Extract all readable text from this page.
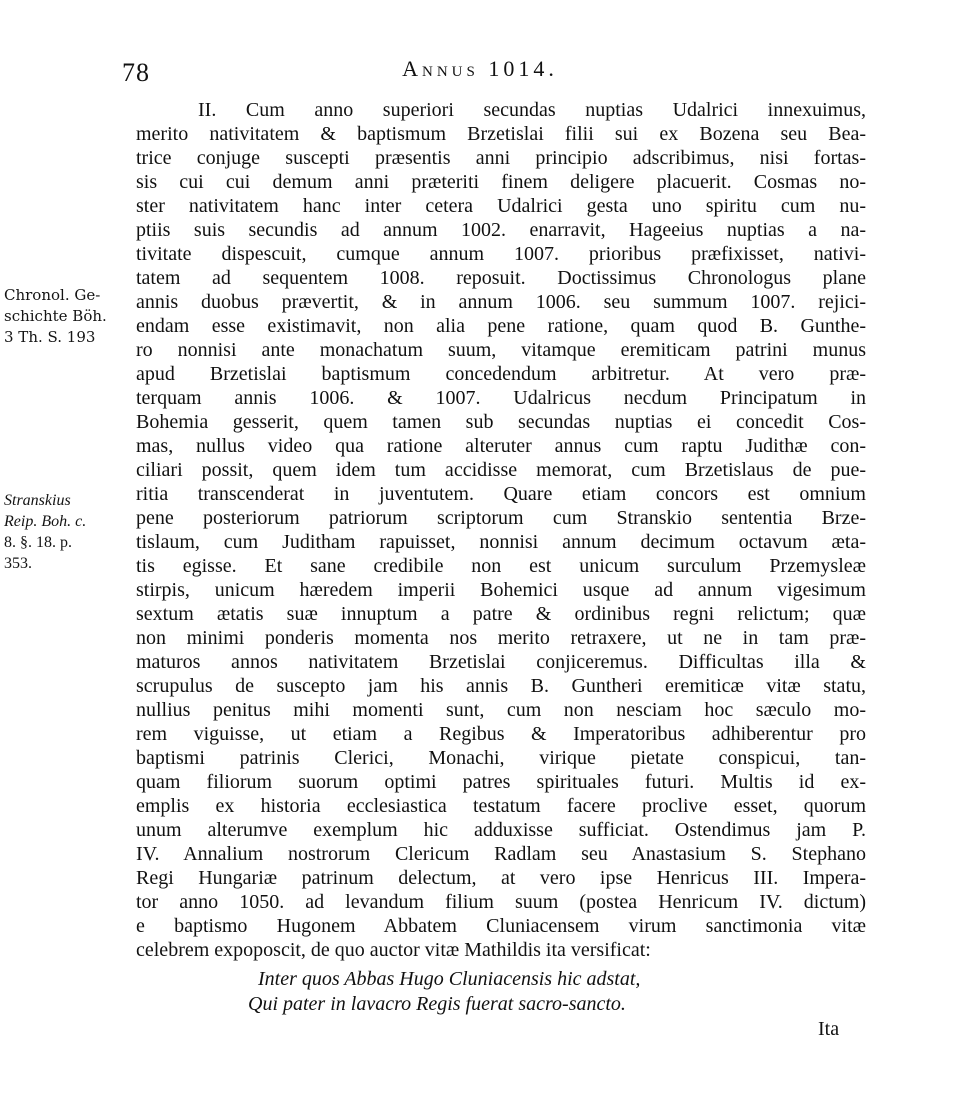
78	Annus 1014.
Chronol. Ge-
schichte Böh.
3 Th. S. 193
Stranskius
Reip. Boh. c.
8. §. 18. p.
353.
II. Cum anno superiori secundas nuptias Udalrici innexuimus,
merito nativitatem & baptismum Brzetislai filii sui ex Bozena seu Bea-
trice conjuge suscepti præsentis anni principio adscribimus, nisi fortas-
sis cui cui demum anni præteriti finem deligere placuerit. Cosmas no-
ster nativitatem hanc inter cetera Udalrici gesta uno spiritu cum nu-
ptiis suis secundis ad annum 1002. enarravit, Hageeius nuptias a na-
tivitate dispescuit, cumque annum 1007. prioribus præfixisset, nativi-
tatem ad sequentem 1008. reposuit. Doctissimus Chronologus plane
annis duobus prævertit, & in annum 1006. seu summum 1007. rejici-
endam esse existimavit, non alia pene ratione, quam quod B. Gunthe-
ro nonnisi ante monachatum suum, vitamque eremiticam patrini munus
apud Brzetislai baptismum concedendum arbitretur. At vero præ-
terquam annis 1006. & 1007. Udalricus necdum Principatum in
Bohemia gesserit, quem tamen sub secundas nuptias ei concedit Cos-
mas, nullus video qua ratione alteruter annus cum raptu Judithæ con-
ciliari possit, quem idem tum accidisse memorat, cum Brzetislaus de pue-
ritia transcenderat in juventutem. Quare etiam concors est omnium
pene posteriorum patriorum scriptorum cum Stranskio sententia Brze-
tislaum, cum Juditham rapuisset, nonnisi annum decimum octavum æta-
tis egisse. Et sane credibile non est unicum surculum Przemysleæ
stirpis, unicum hæredem imperii Bohemici usque ad annum vigesimum
sextum ætatis suæ innuptum a patre & ordinibus regni relictum; quæ
non minimi ponderis momenta nos merito retraxere, ut ne in tam præ-
maturos annos nativitatem Brzetislai conjiceremus. Difficultas illa &
scrupulus de suscepto jam his annis B. Guntheri eremiticæ vitæ statu,
nullius penitus mihi momenti sunt, cum non nesciam hoc sæculo mo-
rem viguisse, ut etiam a Regibus & Imperatoribus adhiberentur pro
baptismi patrinis Clerici, Monachi, virique pietate conspicui, tan-
quam filiorum suorum optimi patres spirituales futuri. Multis id ex-
emplis ex historia ecclesiastica testatum facere proclive esset, quorum
unum alterumve exemplum hic adduxisse sufficiat. Ostendimus jam P.
IV. Annalium nostrorum Clericum Radlam seu Anastasium S. Stephano
Regi Hungariæ patrinum delectum, at vero ipse Henricus III. Impera-
tor anno 1050. ad levandum filium suum (postea Henricum IV. dictum)
e baptismo Hugonem Abbatem Cluniacensem virum sanctimonia vitæ
celebrem expoposcit, de quo auctor vitæ Mathildis ita versificat:
Inter quos Abbas Hugo Cluniacensis hic adstat,
Qui pater in lavacro Regis fuerat sacro-sancto.
Ita
